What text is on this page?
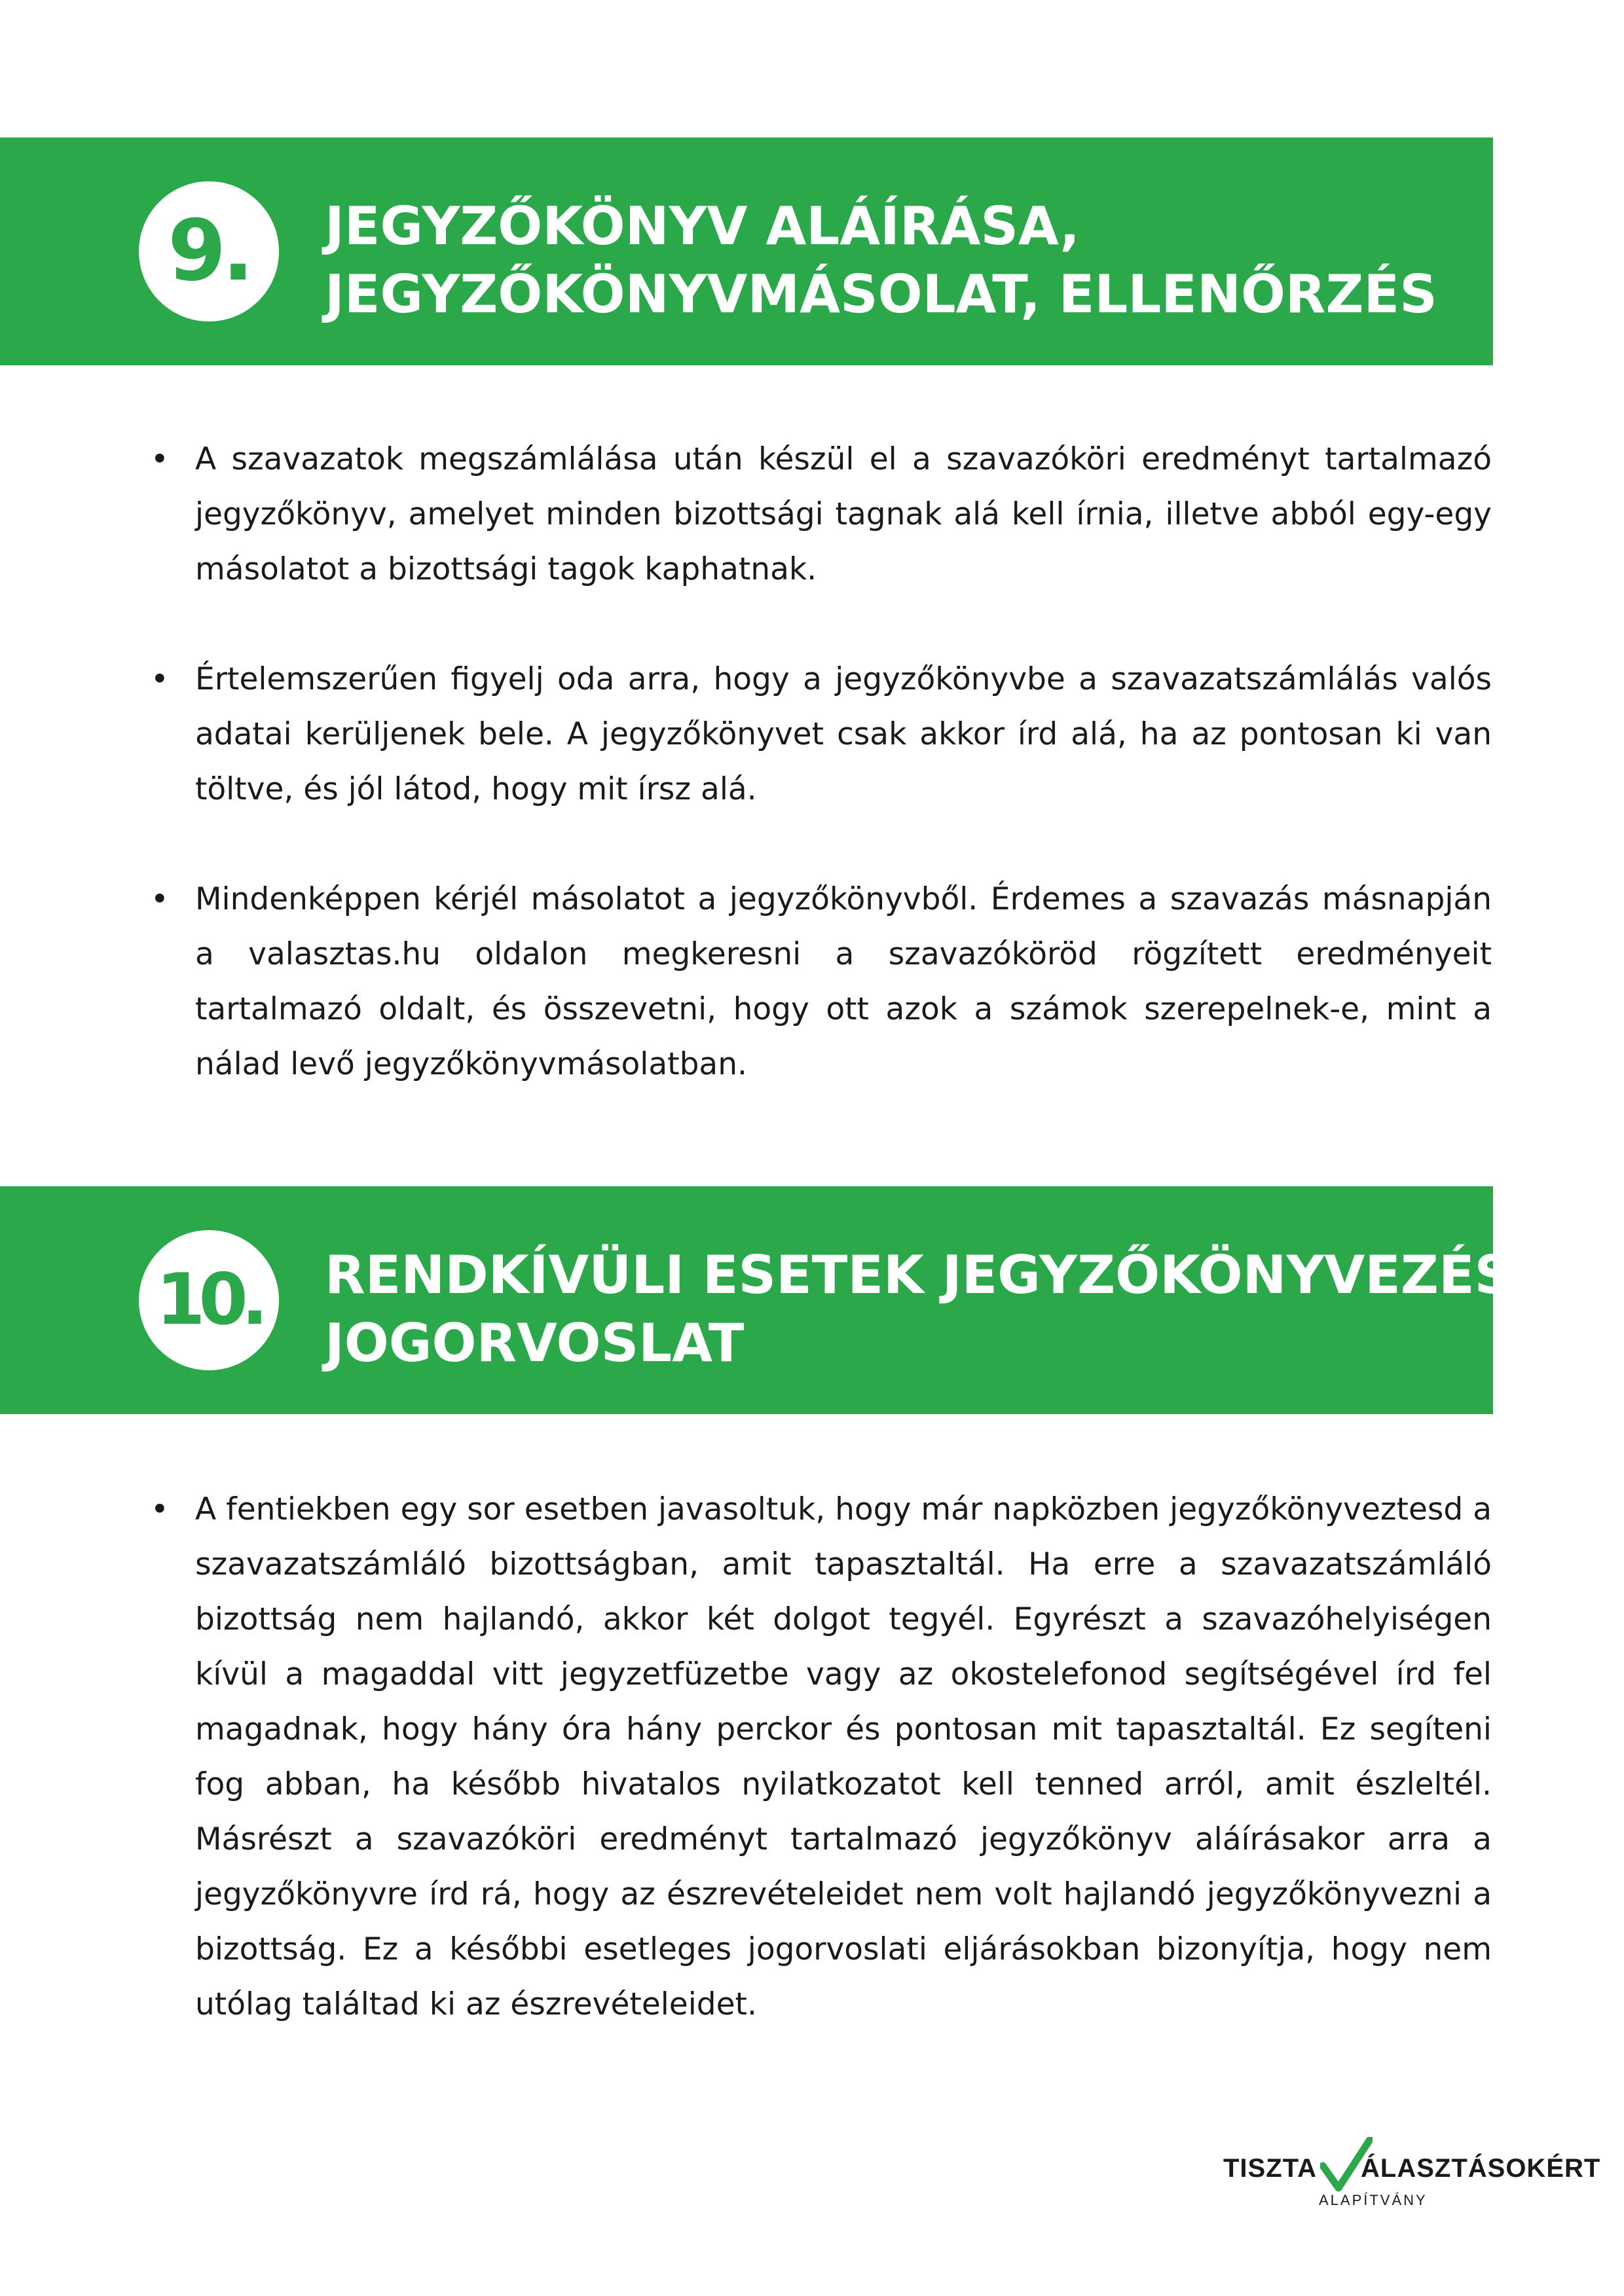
9. JEGYZŐKÖNYV ALÁÍRÁSA,
JEGYZŐKÖNYVMÁSOLAT, ELLENŐRZÉS
• A szavazatok megszámlálása után készül el a szavazóköri eredményt tartalmazó jegyzőkönyv, amelyet minden bizottsági tagnak alá kell írnia, illetve abból egy-egy másolatot a bizottsági tagok kaphatnak.
• Értelemszerűen figyelj oda arra, hogy a jegyzőkönyvbe a szavazatszámlálás valós adatai kerüljenek bele. A jegyzőkönyvet csak akkor írd alá, ha az pontosan ki van töltve, és jól látod, hogy mit írsz alá.
• Mindenképpen kérjél másolatot a jegyzőkönyvből. Érdemes a szavazás másnapján a valasztas.hu oldalon megkeresni a szavazóköröd rögzített eredményeit tartalmazó oldalt, és összevetni, hogy ott azok a számok szerepelnek-e, mint a nálad levő jegyzőkönyvmásolatban.
10. RENDKÍVÜLI ESETEK JEGYZŐKÖNYVEZÉSE,
JOGORVOSLAT
• A fentiekben egy sor esetben javasoltuk, hogy már napközben jegyzőkönyveztesd a szavazatszámláló bizottságban, amit tapasztaltál. Ha erre a szavazatszámláló bizottság nem hajlandó, akkor két dolgot tegyél. Egyrészt a szavazóhelyiségen kívül a magaddal vitt jegyzetfüzetbe vagy az okostelefonod segítségével írd fel magadnak, hogy hány óra hány perckor és pontosan mit tapasztaltál. Ez segíteni fog abban, ha később hivatalos nyilatkozatot kell tenned arról, amit észleltél. Másrészt a szavazóköri eredményt tartalmazó jegyzőkönyv aláírásakor arra a jegyzőkönyvre írd rá, hogy az észrevételeidet nem volt hajlandó jegyzőkönyvezni a bizottság. Ez a későbbi esetleges jogorvoslati eljárásokban bizonyítja, hogy nem utólag találtad ki az észrevételeidet.
TISZTA ÁLASZTÁSOKÉRT
ALAPÍTVÁNY
